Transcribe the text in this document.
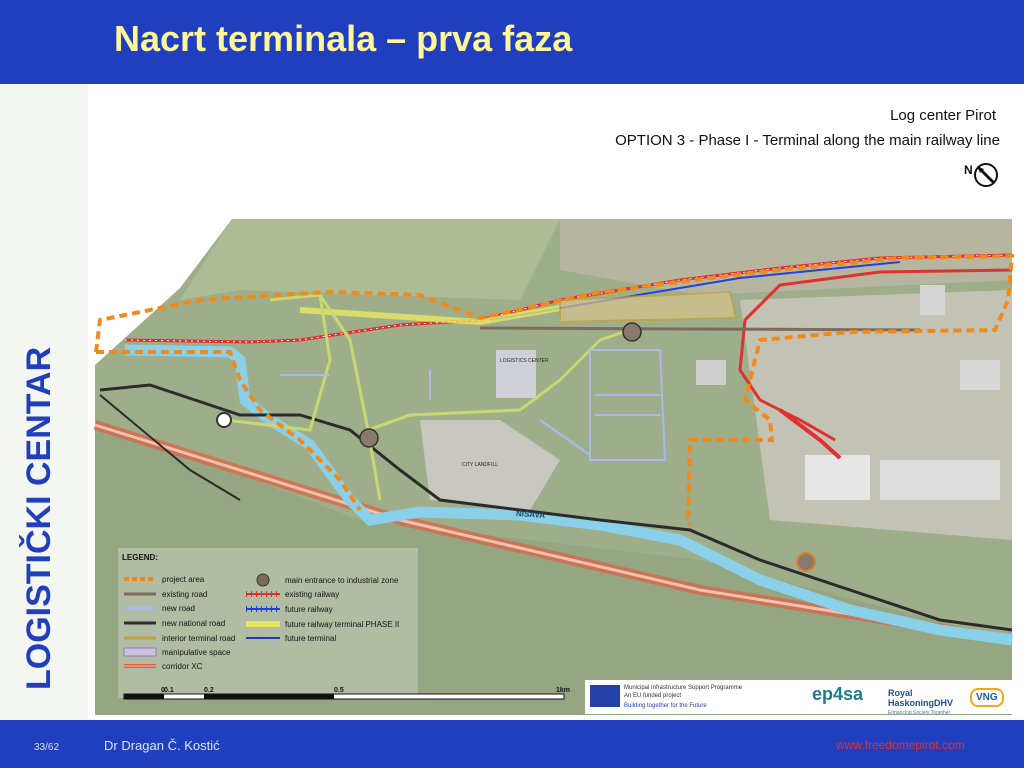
Nacrt terminala – prva faza
LOGISTIČKI CENTAR
Log center Pirot
OPTION 3 - Phase I - Terminal along the main railway line
N
LOGISTICS CENTER
CITY LANDFILL
NIŠAVA
LEGEND:
project area
existing road
new road
new national road
interior terminal road
manipulative space
corridor XC
main entrance to industrial zone
existing railway
future railway
future railway terminal PHASE II
future terminal
0 0.1	0.2	0.5	1km	Municipal Infrastructure Support Programme
An EU funded project
Building together for the Future
ep4sa	Royal
HaskoningDHV
Enhancing Society Together
VNG
33/62	Dr Dragan Č. Kostić	www.freedomepirot.com
